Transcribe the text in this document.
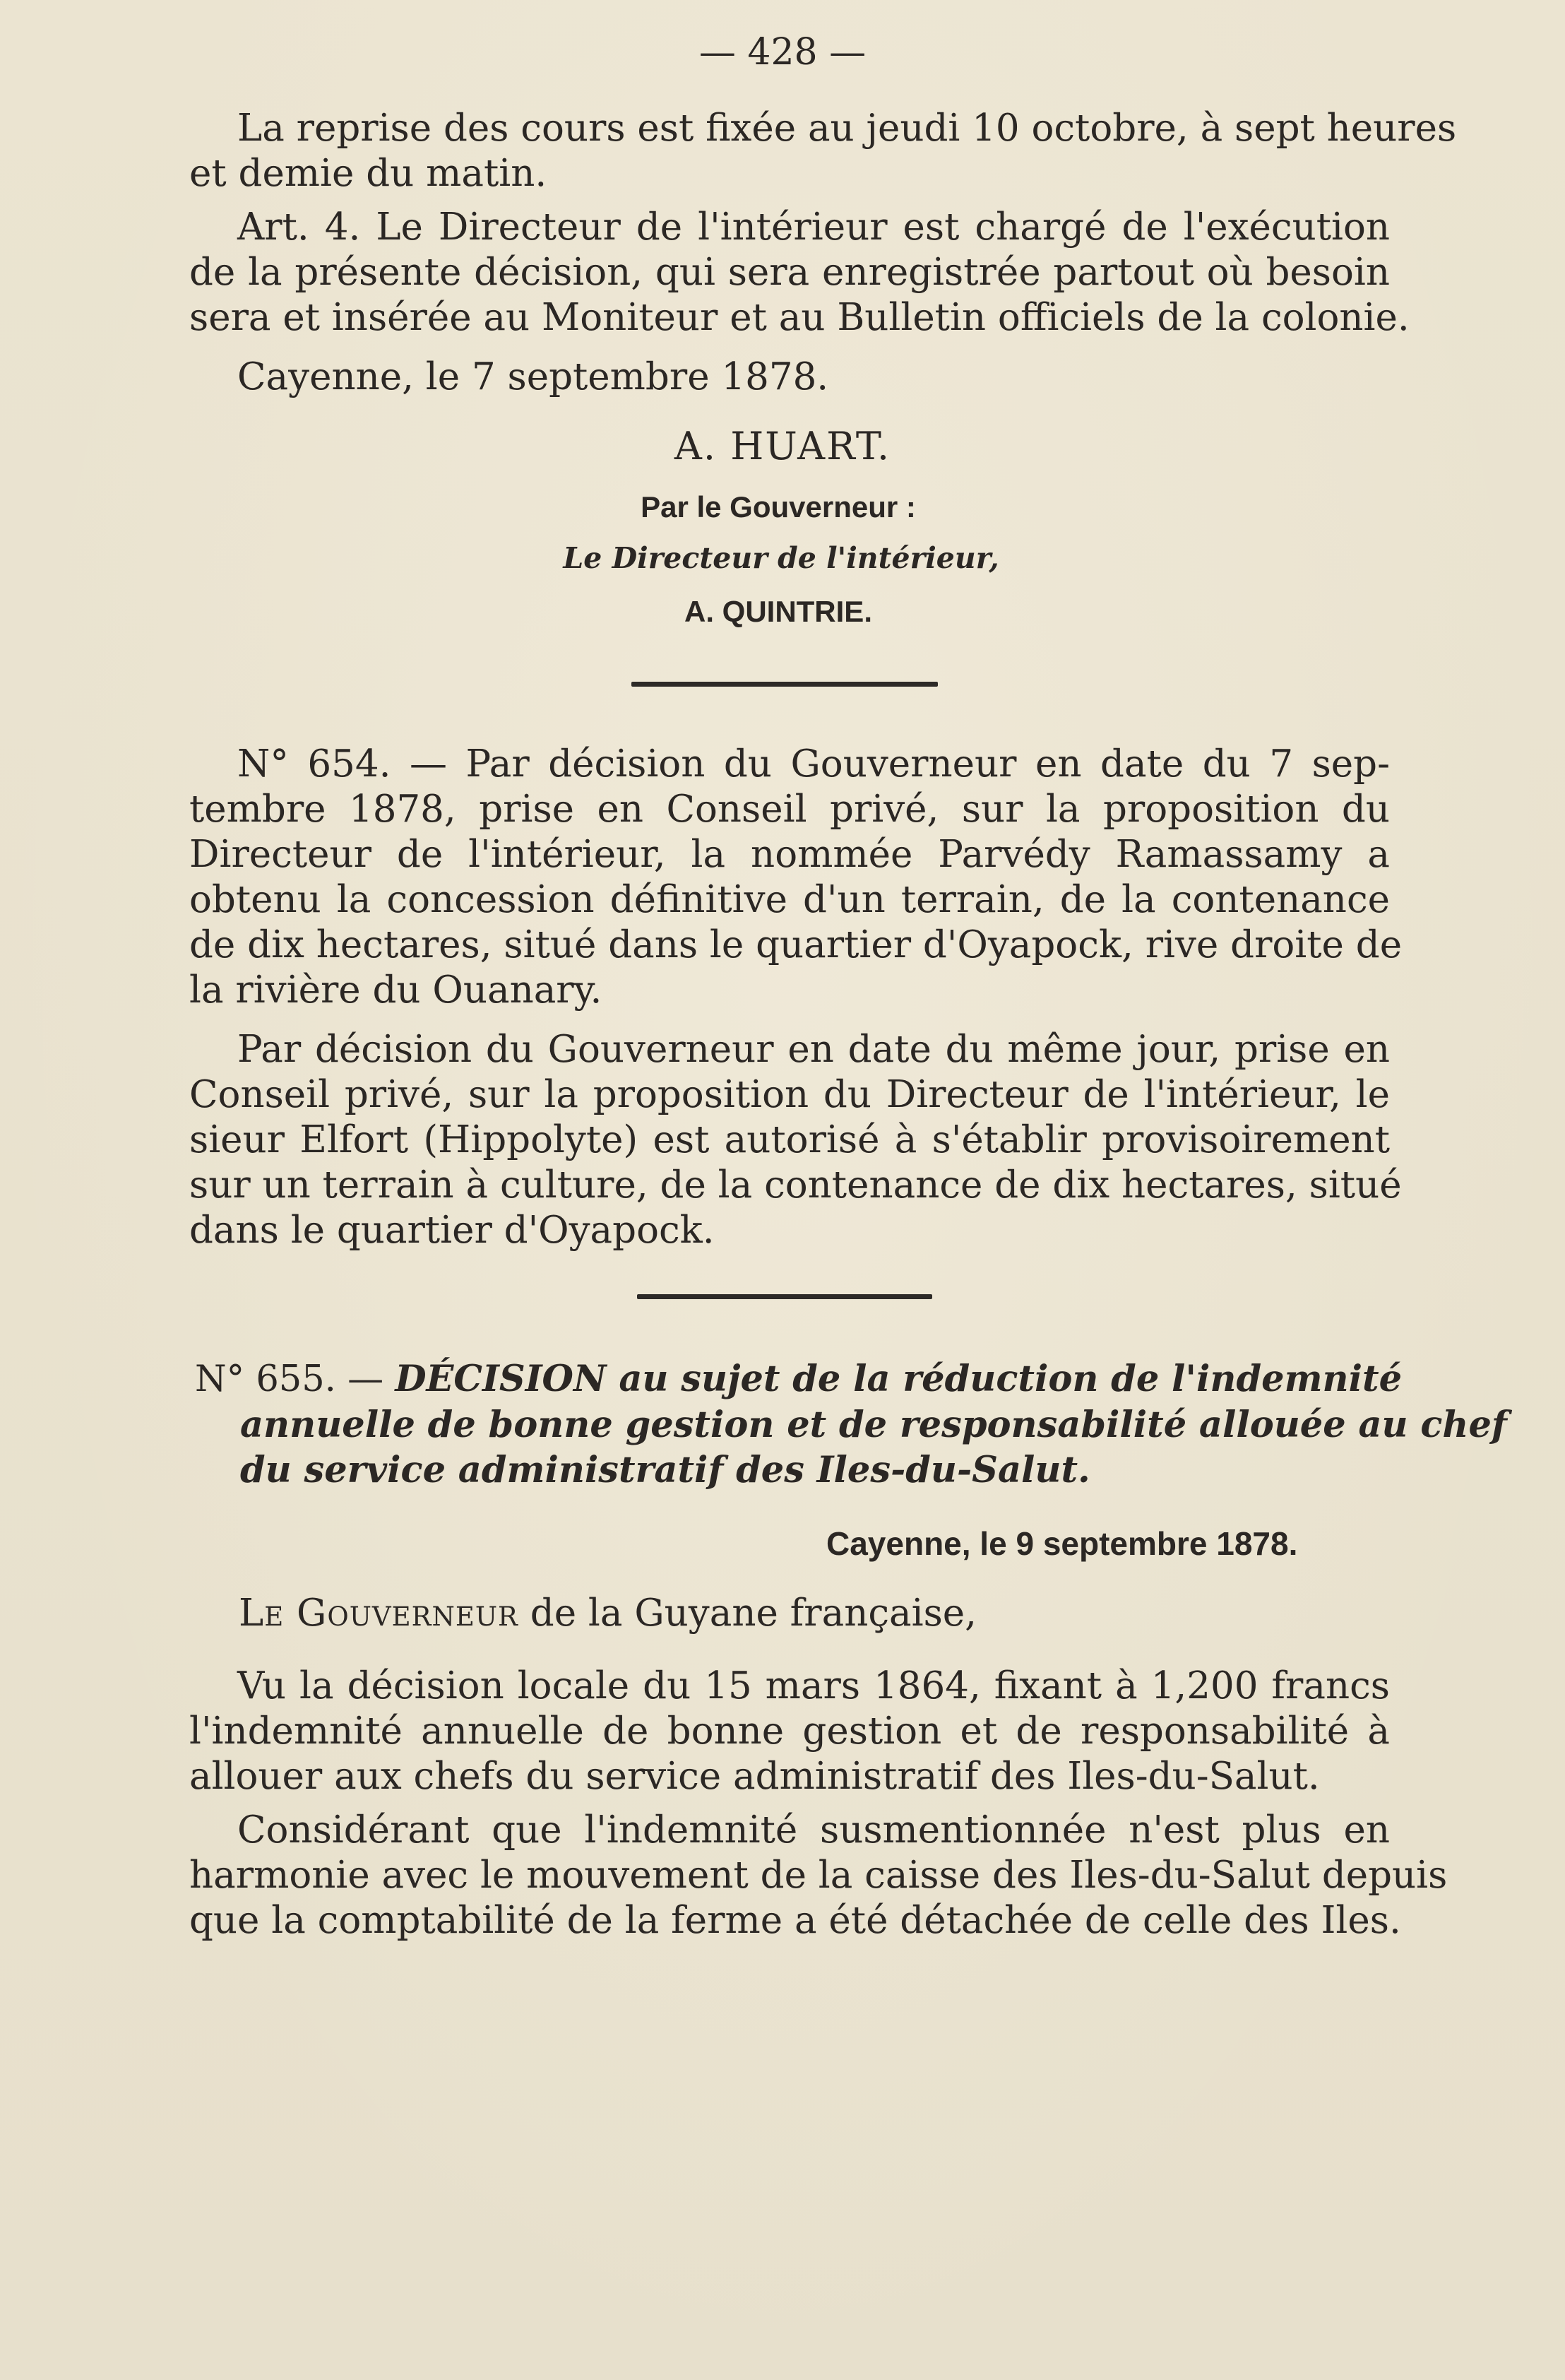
— 428 —
La reprise des cours est fixée au jeudi 10 octobre, à sept heures
et demie du matin.
Art. 4. Le Directeur de l'intérieur est chargé de l'exécution
de la présente décision, qui sera enregistrée partout où besoin
sera et insérée au Moniteur et au Bulletin officiels de la colonie.
Cayenne, le 7 septembre 1878.
A. HUART.
Par le Gouverneur :
Le Directeur de l'intérieur,
A. QUINTRIE.
N° 654. — Par décision du Gouverneur en date du 7 sep-
tembre 1878, prise en Conseil privé, sur la proposition du
Directeur de l'intérieur, la nommée Parvédy Ramassamy a
obtenu la concession définitive d'un terrain, de la contenance
de dix hectares, situé dans le quartier d'Oyapock, rive droite de
la rivière du Ouanary.
Par décision du Gouverneur en date du même jour, prise en
Conseil privé, sur la proposition du Directeur de l'intérieur, le
sieur Elfort (Hippolyte) est autorisé à s'établir provisoirement
sur un terrain à culture, de la contenance de dix hectares, situé
dans le quartier d'Oyapock.
N° 655. — DÉCISION au sujet de la réduction de l'indemnité
annuelle de bonne gestion et de responsabilité allouée au chef
du service administratif des Iles-du-Salut.
Cayenne, le 9 septembre 1878.
Le Gouverneur de la Guyane française,
Vu la décision locale du 15 mars 1864, fixant à 1,200 francs
l'indemnité annuelle de bonne gestion et de responsabilité à
allouer aux chefs du service administratif des Iles-du-Salut.
Considérant que l'indemnité susmentionnée n'est plus en
harmonie avec le mouvement de la caisse des Iles-du-Salut depuis
que la comptabilité de la ferme a été détachée de celle des Iles.
